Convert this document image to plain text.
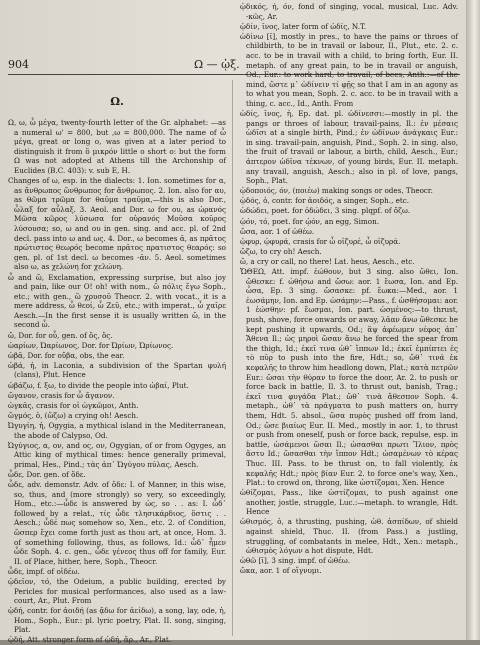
904	Ω — ᾠξ.
Ω.

Ω, ω, ὦ μέγα, twenty-fourth letter of the Gr. alphabet: —as a numeral ω' = 800, but ,ω = 800,000. The name of ὦ μέγα, great or long o, was given at a later period to distinguish it from ὂ μικρόν little o short o: but the form Ω was not adopted at Athens till the Archonship of Euclides (B.C. 403): v. sub E, H.

Changes of ω, esp. in the dialects: 1. Ion. sometimes for α, as ἄνθρωπος ὤνθρωπος for ἄνθρωπος. 2. Ion. also for αυ, as θῶμα τρῶμα for θαῦμα τραῦμα,—this is also Dor., ὦλαξ for αὖλαξ. 3. Aeol. and Dor. ω for ου, as ὠρανός Μῶσα κῶρος λύσωσα for οὐρανός Μοῦσα κοῦρος λύσουσα; so, ω and ου in gen. sing. and acc. pl. of 2nd decl. pass into ω and ως. 4. Dor., ω becomes ᾱ, as πρᾶτος πρώτιστος θεωρός become πρᾶτος πρατιστος θεαρός: so gen. pl. of 1st decl. ω becomes -ᾶν. 5. Aeol. sometimes also ω, as χελώνη for χελώνη.

ὦ and ὤ, Exclamation, expressing surprise, but also joy and pain, like our O! oh! with nom., ὢ πόλις ἔγω Soph., etc.; with gen., ὢ χρυσοῦ Theocr. 2. with vocat., it is a mere address, ὦ θεοί, ὦ Ζεῦ, etc.; with imperat., ὦ χαῖρε Aesch.—In the first sense it is usually written ὤ, in the second ὦ.

ὤ, Dor. for οὗ, gen. of ὅς, ὅς.

ὠαρίων, Ὠαρίωνος, Dor. for Ὠρίων, Ὠρίωνος.

ὠβᾶ, Dor. for οὔβα, obs, the ear.

ὠβά, ἡ, in Laconia, a subdivision of the Spartan φυλή (clans), Plut. Hence

ὠβάζω, f. ξω, to divide the people into ὠβαί, Plut.

ὤγανον, crasis for ὦ ἄγανον.

ὠγκᾶς, crasis for οἱ ὠγκῶμοι, Anth.

ὤγμός, ὁ, (ὤζω) a crying oh! Aesch.

Ὠγυγίη, ἡ, Ogygia, a mythical island in the Mediterranean, the abode of Calypso, Od.

Ὠγύγιος, α, ον, and ος, ον, Ogygian, of or from Ogyges, an Attic king of mythical times: hence generally primeval, primal, Hes., Pind.; τὰς ἀπ᾽ Ὠγύγου πύλας, Aesch.

ὦδε, Dor. gen. of ὅδε.

ὧδε, adv. demonstr. Adv. of ὅδε: I. of Manner, in this wise, so, thus, and (more strongly) so very, so exceedingly, Hom., etc.:—ὧδε is answered by ὡς, so . . as: I. ὧδ᾽ followed by a relat., τίς ὧδε τλησικάρδιος, ὅστις . . Aesch.; ὧδέ πως somehow so, Xen., etc. 2. of Condition, ὥσπερ ἔχει come forth just as thou art, at once, Hom. 3. of something following, thus, as follows, Id.: ὧδ᾽ ἦμεν ὧδε Soph. 4. c. gen., ὧδε γένεος thus off for family, Eur. II. of Place, hither, here, Soph., Theocr.

ὧδε, impf. of οἰδέω.

ᾠδεῖον, τό, the Odeium, a public building, erected by Pericles for musical performances, also used as a law-court, Ar., Plut. From

ᾠδή, contr. for ἀοιδή (as ᾄδω for ἀείδω), a song, lay, ode, ἡ, Hom., Soph., Eur.: pl. lyric poetry, Plat. II. song, singing, Plat.

ᾠδή, Att. stronger form of ᾠδή, ἄρ., Ar., Plat.

ᾠδικός, ή, όν, fond of singing, vocal, musical, Luc. Adv. -κῶς, Ar.

ᾠδίν, ῖνος, later form of ὠδίς, N.T.

ὠδίνω [ῖ], mostly in pres., to have the pains or throes of childbirth, to be in travail or labour, Il., Plut., etc. 2. c. acc. to be in travail with a child, to bring forth, Eur. II. metaph. of any great pain, to be in travail or anguish, Od., Eur.: to work hard, to travail, of bees, Anth.:—of the mind, ὥστε μ᾽ ὠδίνειν τί φῇς so that I am in an agony as to what you mean, Soph. 2. c. acc. to be in travail with a thing, c. acc., Id., Anth. From

ὠδίς, ῖνος, ἡ, Ep. dat. pl. ὠδίνεσσι:—mostly in pl. the pangs or throes of labour, travail-pains, Il.: ἐν μέσαις ὠδῖσι at a single birth, Pind.; ἐν ὠδῖνων ἀνάγκαις Eur.: in sing. travail-pain, anguish, Pind., Soph. 2. in sing. also, the fruit of travail or labour, a birth, child, Aesch., Eur.; ἀπτερον ὠδῖνα τέκνων, of young birds, Eur. II. metaph. any travail, anguish, Aesch.; also in pl. of love, pangs, Soph., Plat.

ᾠδοποιός, όν, (ποιέω) making songs or odes, Theocr.

ᾠδός, ὁ, contr. for ἀοιδός, a singer, Soph., etc.

ὠδώδει, poet. for ὀδώδει, 3 sing. plqpf. of ὄζω.

ᾠόν, τό, poet. for ᾠόν, an egg, Simon.

ὤσα, aor. 1 of ὠθέω.

ᾠφυρ, ᾠφυρά, crasis for ὦ οἰζυρέ, ὦ οἰζυρά.

ὤζω, to cry oh! Aesch.

ὤ, a cry or call, no there! Lat. heus, Aesch., etc.

ὬΘΕΩ, Att. impf. ἐώθουν, but 3 sing. also ὤθει, Ion. ὤθεσκε: f. ὠθήσω and ὤσω: aor. 1 ἔωσα, Ion. and Ep. ὦσα, Ep. 3 sing. ὤσασκε: pf. ἔωκα:—Med., aor. 1 ἐωσάμην, Ion. and Ep. ὠσάμην:—Pass., f. ὠσθήσομαι: aor. 1 ἐώσθην: pf. ἔωσμαι, Ion. part. ὠσμένος:—to thrust, push, shove, force onwards or away, λᾶαν ἄνω ὤθεσκε he kept pushing it upwards, Od.; ἂψ ἀφέωμεν νέφος ἀπ᾽ Ἄθενα Il.; ὡς μηροὶ ὤσαν ἄνω he forced the spear from the thigh, Id.; ἐκεῖ τινα ὠθ᾽ ἵππων Id.; ἐκεῖ ἐμπίπτει ἐς τὸ πῦρ to push into the fire, Hdt.; so, ὤθ᾽ τινά ἐκ κεφαλῆς to throw him headlong down, Plat.; κατὰ πετρῶν Eur.: ὤσαι τὴν θύραν to force the door, Ar. 2. to push or force back in battle, Il. 3. to thrust out, banish, Trag.; ἐκεῖ τινα φυγάδα Plat.; ὤθ᾽ τινὰ ἄθεσπον Soph. 4. metaph., ὠθ᾽ τὰ πράγματα to push matters on, hurry them, Hdt. 5. absol., ὤσα πυρὸς pushed off from land, Od.; ὤσε βιαίως Eur. II. Med., mostly in aor. 1, to thrust or push from oneself, push or force back, repulse, esp. in battle, ὠσάμενοι ὤσαι Il.; ὠσασθαι πρωτι Ἴλιον, πρὸς ἄστυ Id.; ὤσασθαι τὴν ἵππον Hdt.; ὠσαμένων τὸ κέρας Thuc. III. Pass. to be thrust on, to fall violently, ἐκ κεφαλῆς Hdt.; πρὸς βίαν Eur. 2. to force one's way, Xen., Plat.: to crowd on, throng, like ὠστίζομαι, Xen. Hence

ὠθίζομαι, Pass., like ὠστίζομαι, to push against one another, jostle, struggle, Luc.:—metaph. to wrangle, Hdt. Hence

ὠθισμός, ὁ, a thrusting, pushing, ὠθ. ἀσπίδων, of shield against shield, Thuc. II. (from Pass.) a justling, struggling, of combatants in melee, Hdt., Xen.: metaph., ὠθισμὸς λόγων a hot dispute, Hdt.

ὠθῶ [ῑ], 3 sing. impf. of ὠθέω.

ὤκα, aor. 1 of οἴγνυμι.
